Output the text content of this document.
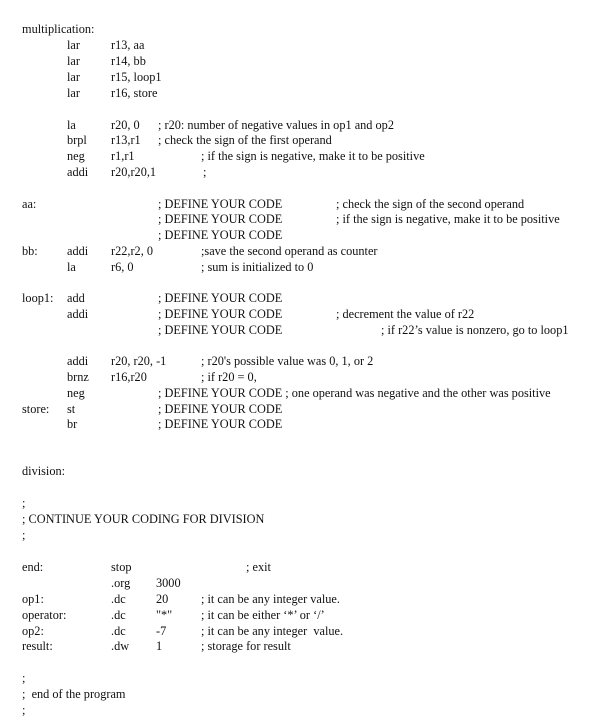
multiplication:
lar	r13, aa
lar	r14, bb
lar	r15, loop1
lar	r16, store
la	r20, 0 ; r20: number of negative values in op1 and op2
brpl r13,r1 ; check the sign of the first operand
neg r1,r1	; if the sign is negative, make it to be positive
addi r20,r20,1	;
aa:	; DEFINE YOUR CODE	; check the sign of the second operand
; DEFINE YOUR CODE	; if the sign is negative, make it to be positive
; DEFINE YOUR CODE
bb: addi r22,r2, 0	;save the second operand as counter
la	r6, 0	; sum is initialized to 0
loop1: add	; DEFINE YOUR CODE
addi	; DEFINE YOUR CODE	; decrement the value of r22
; DEFINE YOUR CODE	; if r22’s value is nonzero, go to loop1
addi r20, r20, -1	; r20's possible value was 0, 1, or 2
brnz r16,r20	; if r20 = 0,
neg	; DEFINE YOUR CODE ; one operand was negative and the other was positive
store: st	; DEFINE YOUR CODE
br	; DEFINE YOUR CODE
division:
;
; CONTINUE YOUR CODING FOR DIVISION
;
end:	stop	; exit
.org 3000
op1:	.dc 20	; it can be any integer value.
operator:	.dc "*" ; it can be either ‘*’ or ‘/’
op2:	.dc -7	; it can be any integer  value.
result:	.dw 1	; storage for result
;
;  end of the program
;
